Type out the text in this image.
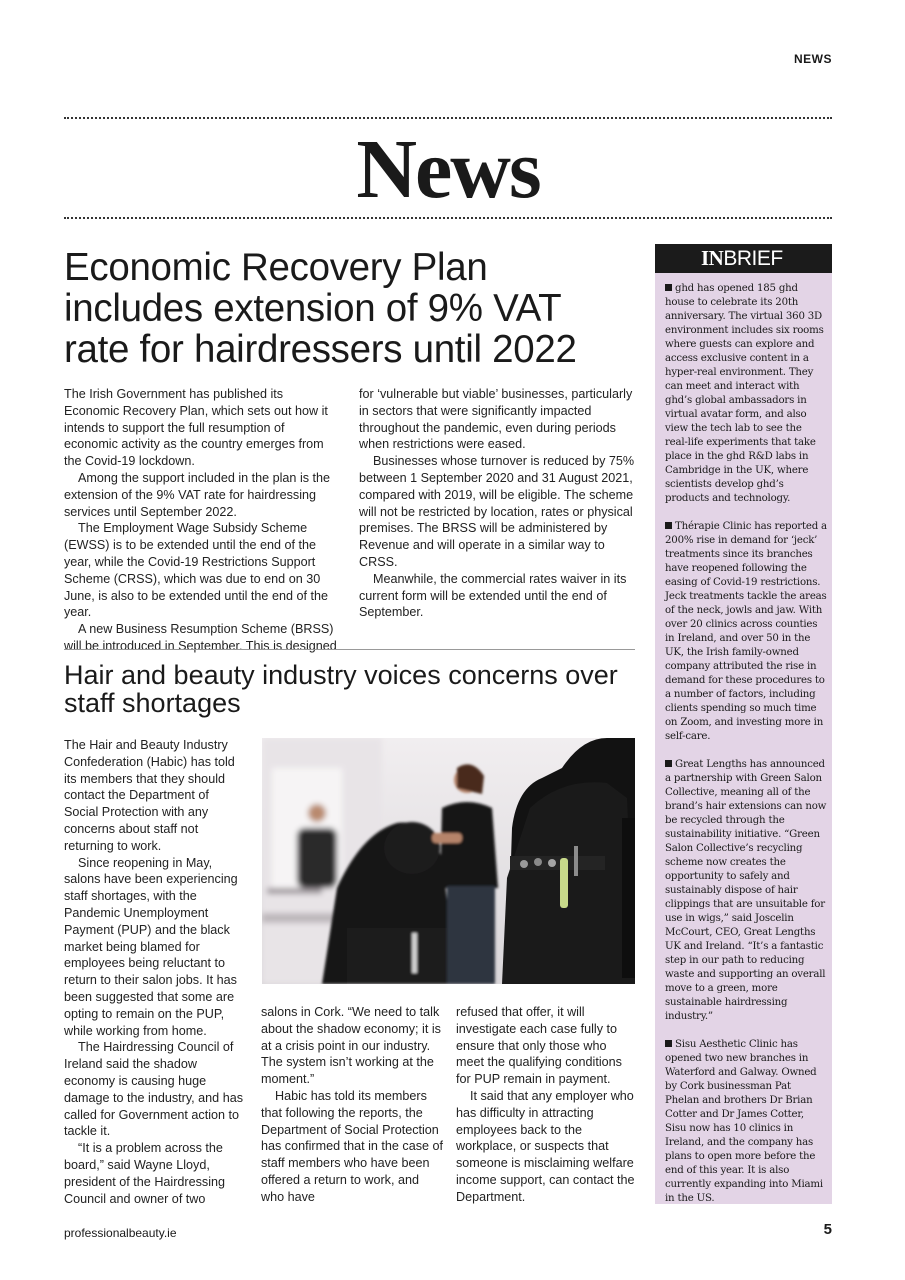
NEWS
News
Economic Recovery Plan includes extension of 9% VAT rate for hairdressers until 2022

The Irish Government has published its Economic Recovery Plan, which sets out how it intends to support the full resumption of economic activity as the country emerges from the Covid-19 lockdown.

Among the support included in the plan is the extension of the 9% VAT rate for hairdressing services until September 2022.

The Employment Wage Subsidy Scheme (EWSS) is to be extended until the end of the year, while the Covid-19 Restrictions Support Scheme (CRSS), which was due to end on 30 June, is also to be extended until the end of the year.

A new Business Resumption Scheme (BRSS) will be introduced in September. This is designed for ‘vulnerable but viable’ businesses, particularly in sectors that were significantly impacted throughout the pandemic, even during periods when restrictions were eased.

Businesses whose turnover is reduced by 75% between 1 September 2020 and 31 August 2021, compared with 2019, will be eligible. The scheme will not be restricted by location, rates or physical premises. The BRSS will be administered by Revenue and will operate in a similar way to CRSS.

Meanwhile, the commercial rates waiver in its current form will be extended until the end of September.

Hair and beauty industry voices concerns over staff shortages

The Hair and Beauty Industry Confederation (Habic) has told its members that they should contact the Department of Social Protection with any concerns about staff not returning to work.

Since reopening in May, salons have been experiencing staff shortages, with the Pandemic Unemployment Payment (PUP) and the black market being blamed for employees being reluctant to return to their salon jobs. It has been suggested that some are opting to remain on the PUP, while working from home.

The Hairdressing Council of Ireland said the shadow economy is causing huge damage to the industry, and has called for Government action to tackle it.

“It is a problem across the board,” said Wayne Lloyd, president of the Hairdressing Council and owner of two

salons in Cork. “We need to talk about the shadow economy; it is at a crisis point in our industry. The system isn’t working at the moment.”

Habic has told its members that following the reports, the Department of Social Protection has confirmed that in the case of staff members who have been offered a return to work, and who have

refused that offer, it will investigate each case fully to ensure that only those who meet the qualifying conditions for PUP remain in payment.

It said that any employer who has difficulty in attracting employees back to the workplace, or suspects that someone is misclaiming welfare income support, can contact the Department.

INBRIEF

ghd has opened 185 ghd house to celebrate its 20th anniversary. The virtual 360 3D environment includes six rooms where guests can explore and access exclusive content in a hyper-real environment. They can meet and interact with ghd’s global ambassadors in virtual avatar form, and also view the tech lab to see the real-life experiments that take place in the ghd R&D labs in Cambridge in the UK, where scientists develop ghd’s products and technology.

Thérapie Clinic has reported a 200% rise in demand for ‘jeck’ treatments since its branches have reopened following the easing of Covid-19 restrictions. Jeck treatments tackle the areas of the neck, jowls and jaw. With over 20 clinics across counties in Ireland, and over 50 in the UK, the Irish family-owned company attributed the rise in demand for these procedures to a number of factors, including clients spending so much time on Zoom, and investing more in self-care.

Great Lengths has announced a partnership with Green Salon Collective, meaning all of the brand’s hair extensions can now be recycled through the sustainability initiative. “Green Salon Collective’s recycling scheme now creates the opportunity to safely and sustainably dispose of hair clippings that are unsuitable for use in wigs,” said Joscelin McCourt, CEO, Great Lengths UK and Ireland. “It’s a fantastic step in our path to reducing waste and supporting an overall move to a green, more sustainable hairdressing industry.”

Sisu Aesthetic Clinic has opened two new branches in Waterford and Galway. Owned by Cork businessman Pat Phelan and brothers Dr Brian Cotter and Dr James Cotter, Sisu now has 10 clinics in Ireland, and the company has plans to open more before the end of this year. It is also currently expanding into Miami in the US.

professionalbeauty.ie	5
